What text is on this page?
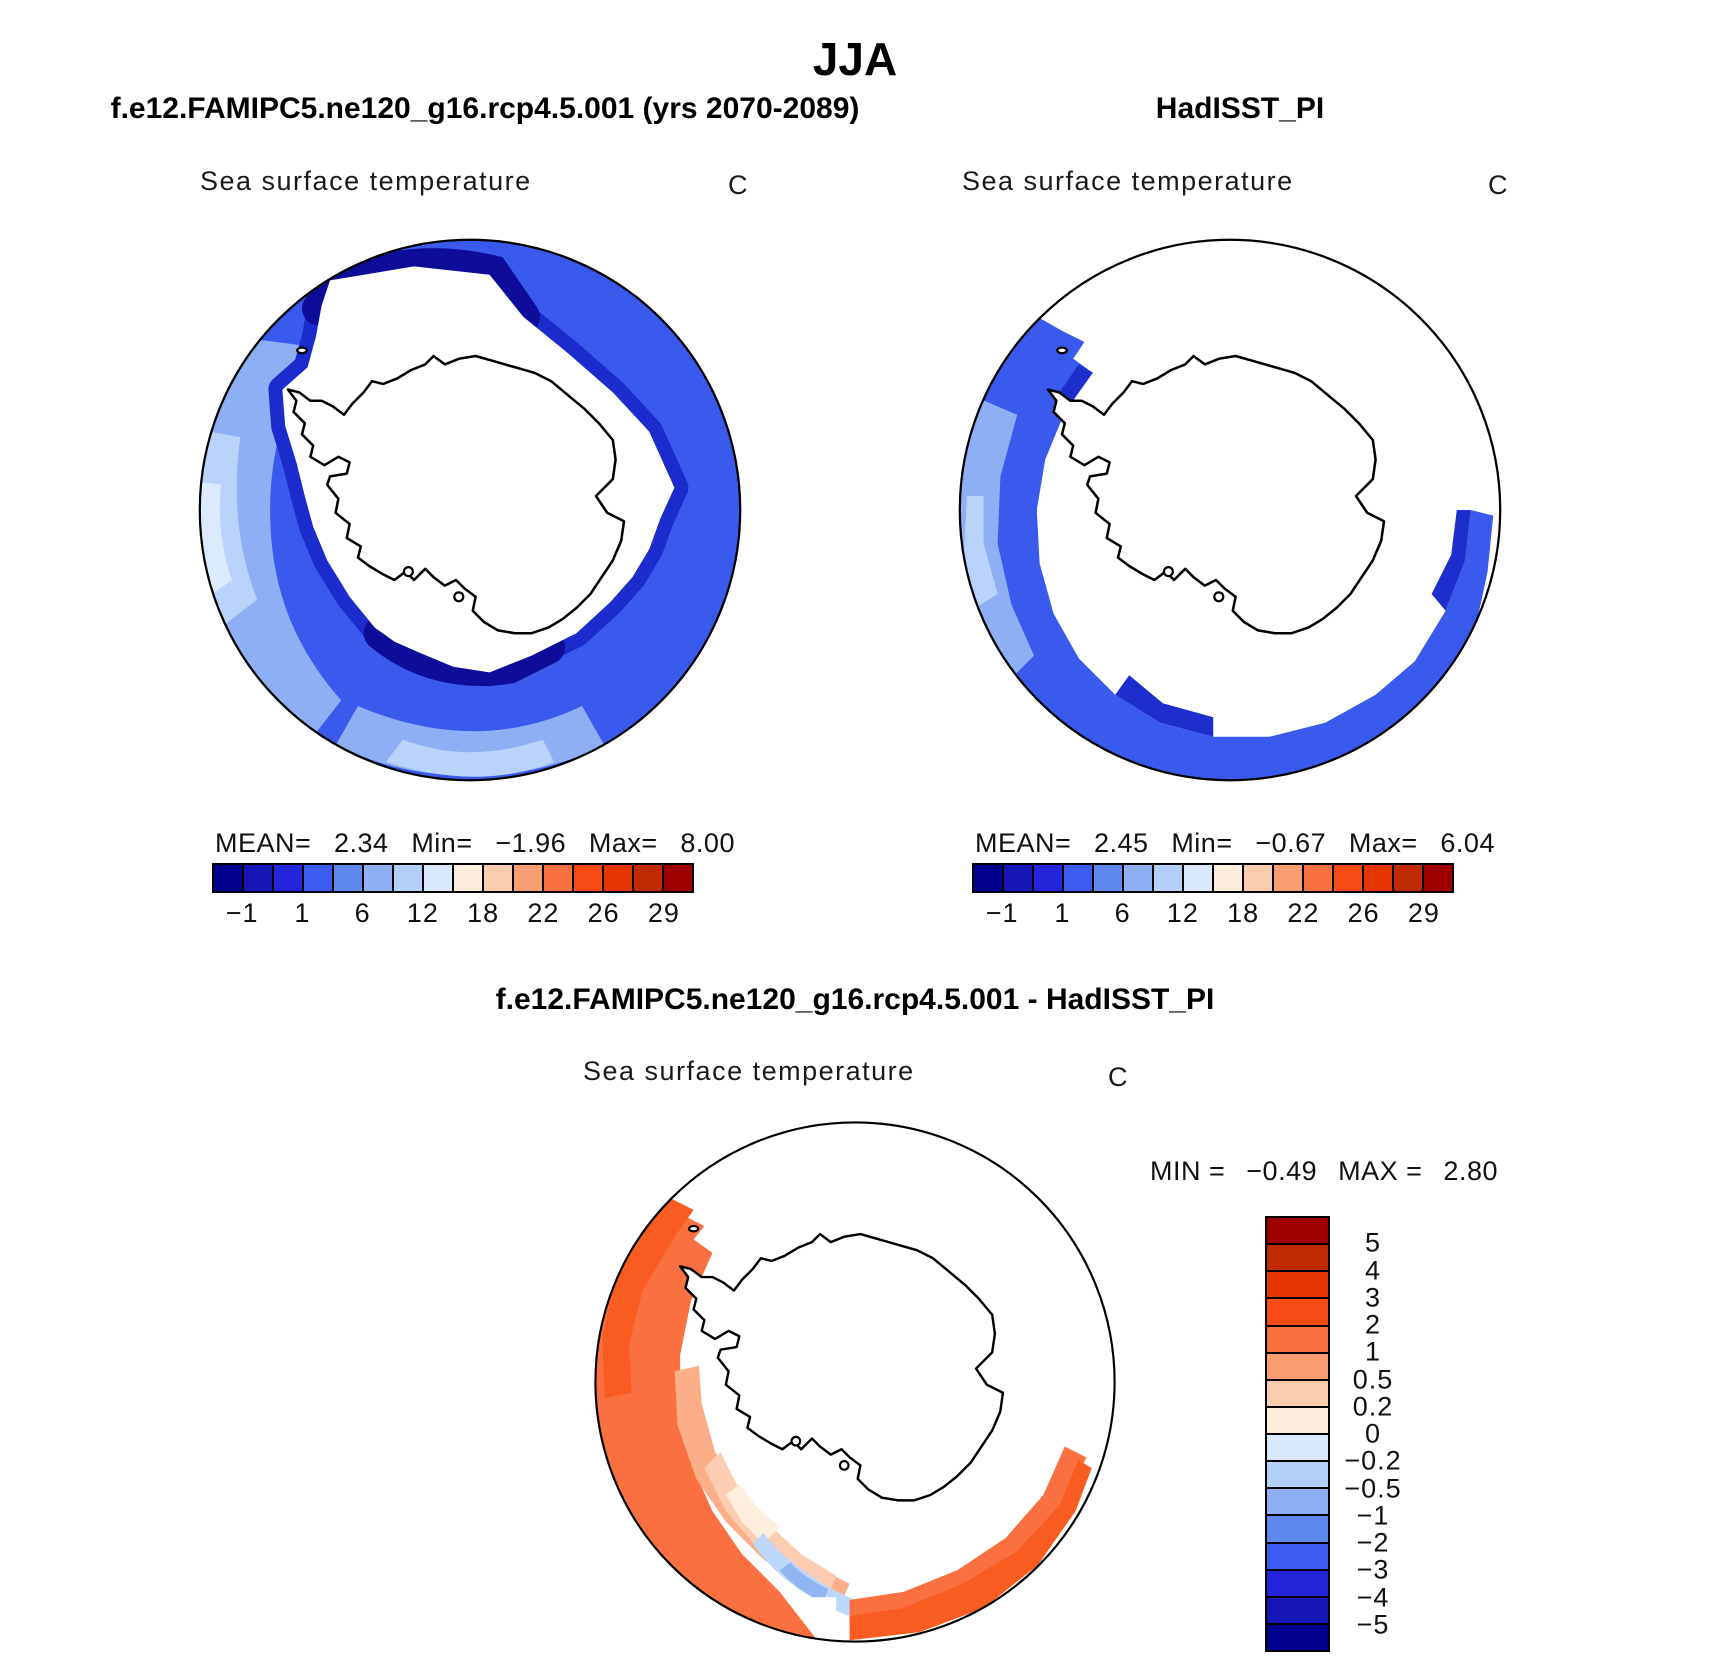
JJA
f.e12.FAMIPC5.ne120_g16.rcp4.5.001 (yrs 2070-2089)	HadISST_PI
Sea surface temperature	C	Sea surface temperature	C
MEAN= 2.34 Min= −1.96 Max= 8.00
−1 1 6 12 18 22 26 29
MEAN= 2.45 Min= −0.67 Max= 6.04
−1 1 6 12 18 22 26 29
f.e12.FAMIPC5.ne120_g16.rcp4.5.001 - HadISST_PI
Sea surface temperature	C
MIN = −0.49 MAX = 2.80
5
4
3
2
1
0.5
0.2
0
−0.2
−0.5
−1
−2
−3
−4
−5
